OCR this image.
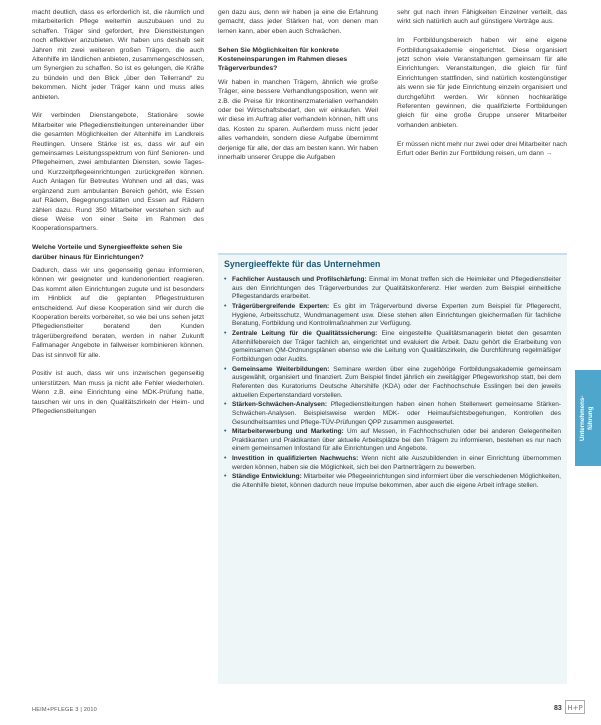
macht deutlich, dass es erforderlich ist, die räumlich und mitarbeiterlich Pflege weiterhin auszubauen und zu schaffen. Träger sind gefordert, ihre Dienstleistungen noch effektiver anzubieten. Wir haben uns deshalb seit Jahren mit zwei weiteren großen Trägern, die auch Altenhilfe im ländlichen anbieten, zusammengeschlossen, um Synergien zu schaffen. So ist es gelungen, die Kräfte zu bündeln und den Blick „über den Tellerrand“ zu bekommen. Nicht jeder Träger kann und muss alles anbieten.

Wir verbinden Dienstangebote, Stationäre sowie Mitarbeiter wie Pflegedienstleitungen untereinander über die gesamten Möglichkeiten der Altenhilfe im Landkreis Reutlingen. Unsere Stärke ist es, dass wir auf ein gemeinsames Leistungsspektrum von fünf Senioren- und Pflegeheimen, zwei ambulanten Diensten, sowie Tages- und Kurzzeitpflegeeinrichtungen zurückgreifen können. Auch Anlagen für Betreutes Wohnen und all das, was ergänzend zum ambulanten Bereich gehört, wie Essen auf Rädern, Begegnungsstätten und Essen auf Rädern zählen dazu. Rund 350 Mitarbeiter verstehen sich auf diese Weise von einer Seite im Rahmen des Kooperationspartners.

Welche Vorteile und Synergieeffekte sehen Sie darüber hinaus für Einrichtungen?

Dadurch, dass wir uns gegenseitig genau informieren, können wir geeigneter und kundenorientiert reagieren. Das kommt allen Einrichtungen zugute und ist besonders im Hinblick auf die geplanten Pflegestrukturen entscheidend. Auf diese Kooperation sind wir durch die Kooperation bereits vorbereitet, so wie bei uns sehen jetzt Pflegedienstleiter beratend den Kunden trägerübergreifend beraten, werden in naher Zukunft Fallmanager Angebote in fallweiser kombinieren können. Das ist sinnvoll für alle.

Positiv ist auch, dass wir uns inzwischen gegenseitig unterstützen. Man muss ja nicht alle Fehler wiederholen. Wenn z.B. eine Einrichtung eine MDK-Prüfung hatte, tauschen wir uns in den Qualitätszirkeln der Heim- und Pflegedienstleitungen

gen dazu aus, denn wir haben ja eine die Erfahrung gemacht, dass jeder Stärken hat, von denen man lernen kann, aber eben auch Schwächen.

Sehen Sie Möglichkeiten für konkrete Kosteneinsparungen im Rahmen dieses Trägerverbundes?

Wir haben in manchen Trägern, ähnlich wie große Träger, eine bessere Verhandlungsposition, wenn wir z.B. die Preise für Inkontinenzmaterialien verhandeln oder bei Wirtschaftsbedarf, den wir einkaufen. Weil wir diese im Auftrag aller verhandeln können, hilft uns das. Kosten zu sparen. Außerdem muss nicht jeder alles verhandeln, sondern diese Aufgabe übernimmt derjenige für alle, der das am besten kann. Wir haben innerhalb unserer Gruppe die Aufgaben

sehr gut nach ihren Fähigkeiten Einzelner verteilt, das wirkt sich natürlich auch auf günstigere Verträge aus.

Im Fortbildungsbereich haben wir eine eigene Fortbildungsakademie eingerichtet. Diese organisiert jetzt schon viele Veranstaltungen gemeinsam für alle Einrichtungen. Veranstaltungen, die gleich für fünf Einrichtungen stattfinden, sind natürlich kostengünstiger als wenn sie für jede Einrichtung einzeln organisiert und durchgeführt werden. Wir können hochkarätige Referenten gewinnen, die qualifizierte Fortbildungen gleich für eine große Gruppe unserer Mitarbeiter vorhanden anbieten.

Er müssen nicht mehr nur zwei oder drei Mitarbeiter nach Erfurt oder Berlin zur Fortbildung reisen, um dann →

Synergieeffekte für das Unternehmen
• Fachlicher Austausch und Profilschärfung: Einmal im Monat treffen sich die Heimleiter und Pflegedienstleiter aus den Einrichtungen des Trägerverbundes zur Qualitätskonferenz. Hier werden zum Beispiel einheitliche Pflegestandards erarbeitet.
• Trägerübergreifende Experten: Es gibt im Trägerverbund diverse Experten zum Beispiel für Pflegerecht, Hygiene, Arbeitsschutz, Wundmanagement usw. Diese stehen allen Einrichtungen gleichermaßen für fachliche Beratung, Fortbildung und Kontrollmaßnahmen zur Verfügung.
• Zentrale Leitung für die Qualitätssicherung: Eine eingestellte Qualitätsmanagerin bietet den gesamten Altenhilfebereich der Träger fachlich an, eingerichtet und evaluiert die Arbeit. Dazu gehört die Erarbeitung von gemeinsamen QM-Ordnungsplänen ebenso wie die Leitung von Qualitätszirkeln, die Durchführung regelmäßiger Fortbildungen oder Audits.
• Gemeinsame Weiterbildungen: Seminare werden über eine zugehörige Fortbildungsakademie gemeinsam ausgewählt, organisiert und finanziert. Zum Beispiel findet jährlich ein zweitägiger Pflegeworkshop statt, bei dem Referenten des Kuratoriums Deutsche Altershilfe (KDA) oder der Fachhochschule Esslingen bei den jeweils aktuellen Expertenstandard vorstellen.
• Stärken-Schwächen-Analysen: Pflegedienstleitungen haben einen hohen Stellenwert gemeinsame Stärken-Schwächen-Analysen. Beispielsweise werden MDK- oder Heimaufsichtsbegehungen, Kontrollen des Gesundheitsamtes und Pflege-TÜV-Prüfungen QPP zusammen ausgewertet.
• Mitarbeiterwerbung und Marketing: Um auf Messen, in Fachhochschulen oder bei anderen Gelegenheiten Praktikanten und Praktikanten über aktuelle Arbeitsplätze bei den Trägern zu informieren, bestehen es nur nach einem gemeinsamen Infostand für alle Einrichtungen und Angebote.
• Investition in qualifizierten Nachwuchs: Wenn nicht alle Auszubildenden in einer Einrichtung übernommen werden können, haben sie die Möglichkeit, sich bei den Partnerträgern zu bewerben.
• Ständige Entwicklung: Mitarbeiter wie Pflegeeinrichtungen sind informiert über die verschiedenen Möglichkeiten, die Altenhilfe bietet, können dadurch neue Impulse bekommen, aber auch die eigene Arbeit infrage stellen.
Unternehmens-
führung
HEIM+PFLEGE 3 | 2010	83 H+P
